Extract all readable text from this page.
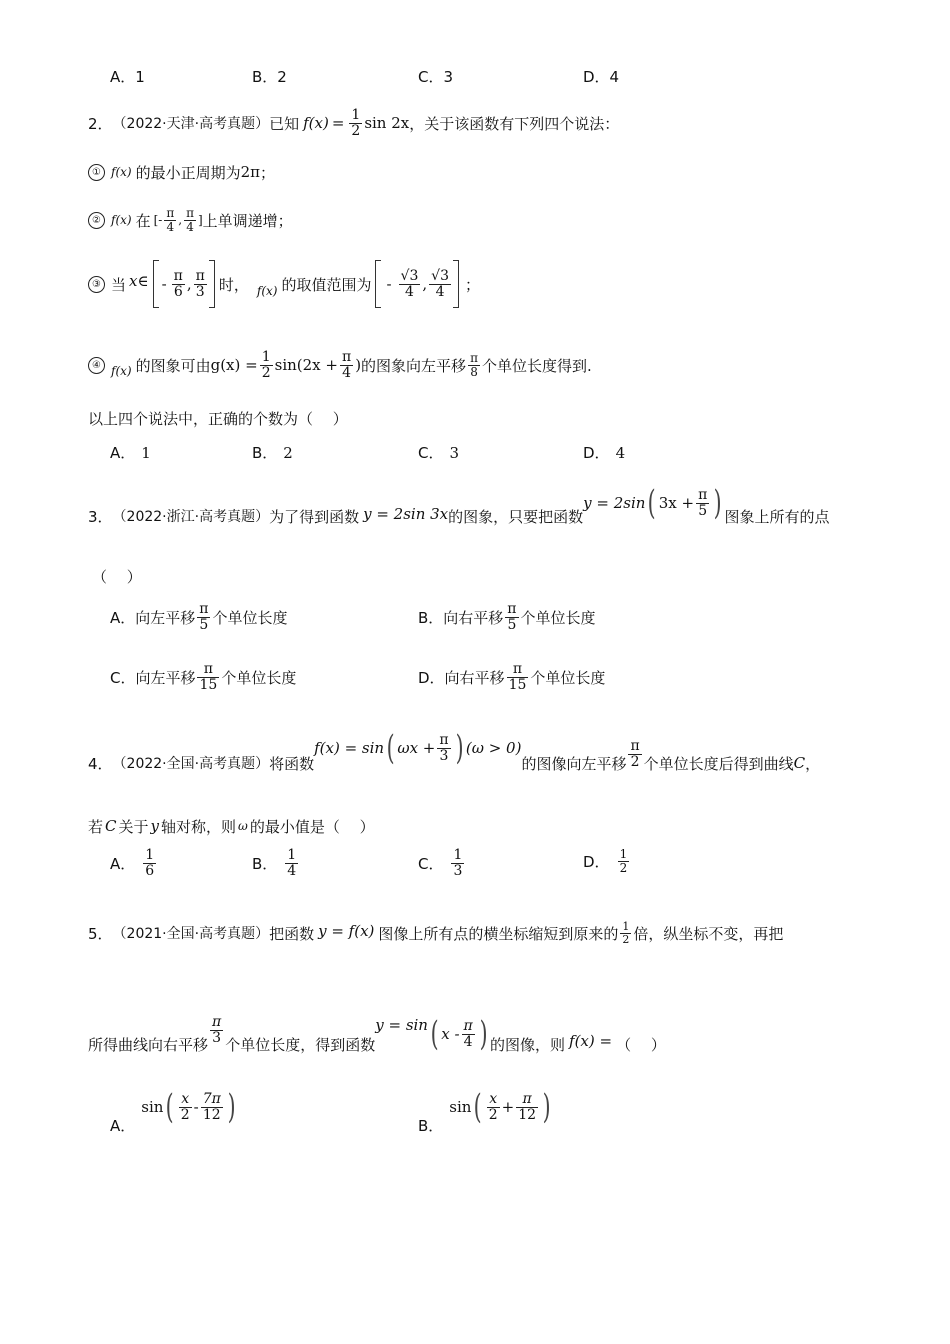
A．1	B．2	C．3	D．4
2． （2022·天津·高考真题） 已知 $f(x) = \frac{1}{2}$ sin 2x ，关于该函数有下列四个说法：
① f(x) 的最小正周期为 2π ；
② f(x) 在 [ - $\frac{\pi}{4}$ , $\frac{\pi}{4}$ ] 上单调递增；
③ 当 x∈ - $\frac{\pi}{6}$ , $\frac{\pi}{3}$ 时， f(x) 的取值范围为 - $\frac{√3}{4}$ , $\frac{√3}{4}$ ；
④ f(x) 的图象可由 $g(x) = \frac{1}{2} \sin(2x + \frac{\pi}{4}$ ) 的图象向左平移 $\frac{\pi}{8}$ 个单位长度得到.
以上四个说法中，正确的个数为（　 ）
A． 1	B． 2	C． 3	D． 4
3． （2022·浙江·高考真题） 为了得到函数 y = 2sin 3x 的图象，只要把函数
y = 2sin ( $3x + \frac{\pi}{5}$ ) 图象上所有的点
（　 ）
A．向左平移 $\frac{\pi}{5}$ 个单位长度	B．向右平移 $\frac{\pi}{5}$ 个单位长度
C．向左平移 $\frac{\pi}{15}$ 个单位长度	D．向右平移 $\frac{\pi}{15}$ 个单位长度
4． （2022·全国·高考真题） 将函数
f(x) = sin ( $\omega x + \frac{\pi}{3}$ ) (ω > 0)
的图像向左平移 $\frac{\pi}{2}$ 个单位长度后得到曲线 C ，
若 C 关于 y 轴对称，则 ω 的最小值是（　 ）
A． $\frac{1}{6}$	B． $\frac{1}{4}$	C． $\frac{1}{3}$	D． $\frac{1}{2}$
5． （2021·全国·高考真题） 把函数 y = f(x) 图像上所有点的横坐标缩短到原来的 $\frac{1}{2}$ 倍，纵坐标不变，再把
所得曲线向右平移 $\frac{\pi}{3}$ 个单位长度，得到函数
y = sin ( x - $\frac{\pi}{4}$ ) 的图像，则 f(x) = （　 ）
A．
sin ( $\frac{x}{2} - \frac{7\pi}{12}$ )	B．
sin ( $\frac{x}{2} + \frac{\pi}{12}$ )
